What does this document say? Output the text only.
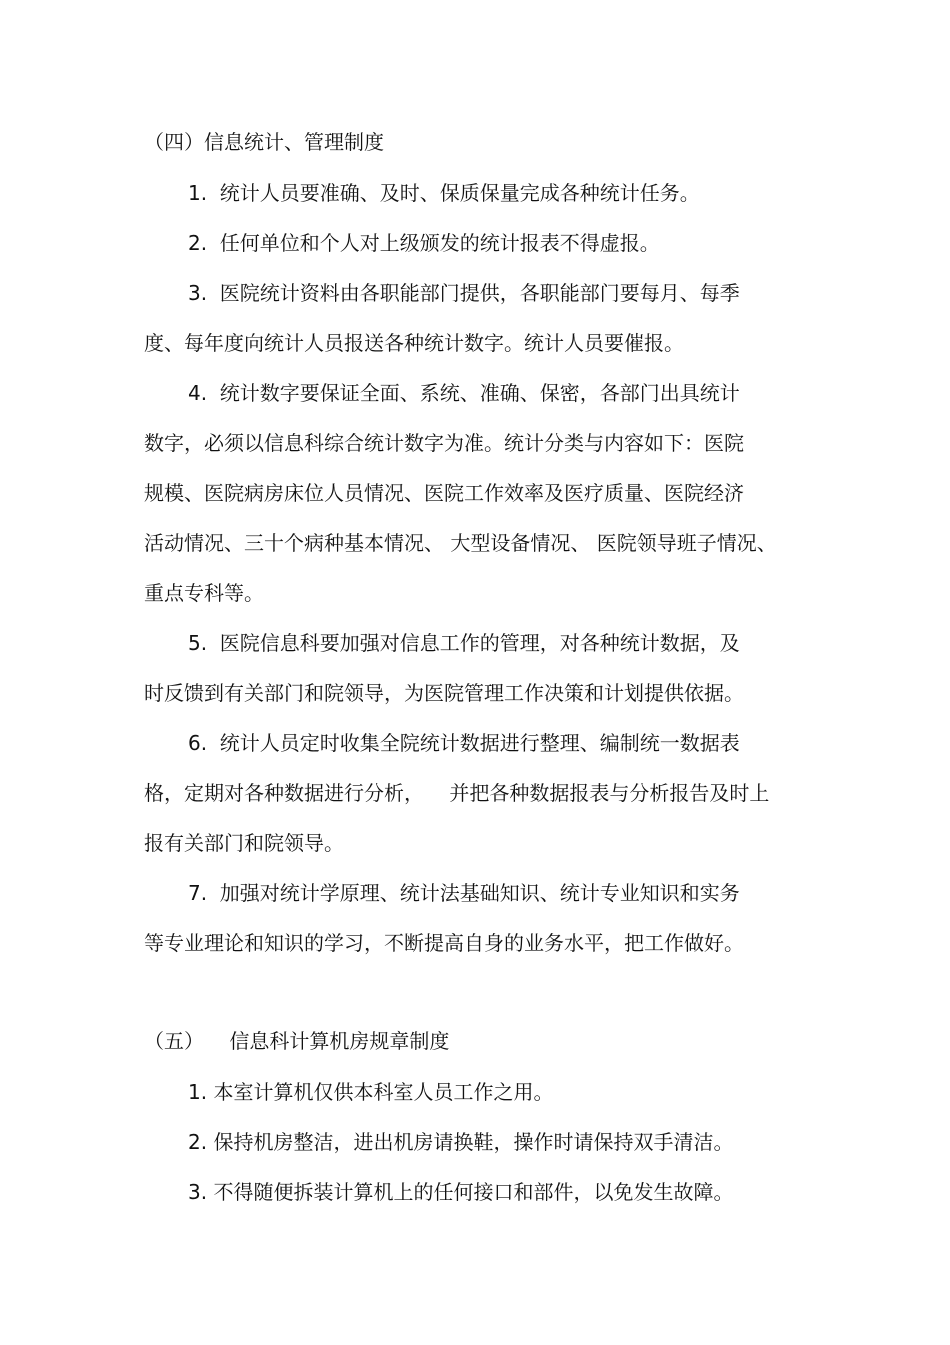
（四）信息统计、管理制度
1.  统计人员要准确、及时、保质保量完成各种统计任务。
2.  任何单位和个人对上级颁发的统计报表不得虚报。
3.  医院统计资料由各职能部门提供，各职能部门要每月、每季
度、每年度向统计人员报送各种统计数字。统计人员要催报。
4.  统计数字要保证全面、系统、准确、保密，各部门出具统计
数字，必须以信息科综合统计数字为准。统计分类与内容如下：医院
规模、医院病房床位人员情况、医院工作效率及医疗质量、医院经济
活动情况、三十个病种基本情况、 大型设备情况、 医院领导班子情况、
重点专科等。
5.  医院信息科要加强对信息工作的管理，对各种统计数据，及
时反馈到有关部门和院领导，为医院管理工作决策和计划提供依据。
6.  统计人员定时收集全院统计数据进行整理、编制统一数据表
格，定期对各种数据进行分析，    并把各种数据报表与分析报告及时上
报有关部门和院领导。
7.  加强对统计学原理、统计法基础知识、统计专业知识和实务
等专业理论和知识的学习，不断提高自身的业务水平，把工作做好。
（五）    信息科计算机房规章制度
1. 本室计算机仅供本科室人员工作之用。
2. 保持机房整洁，进出机房请换鞋，操作时请保持双手清洁。
3. 不得随便拆装计算机上的任何接口和部件，以免发生故障。
